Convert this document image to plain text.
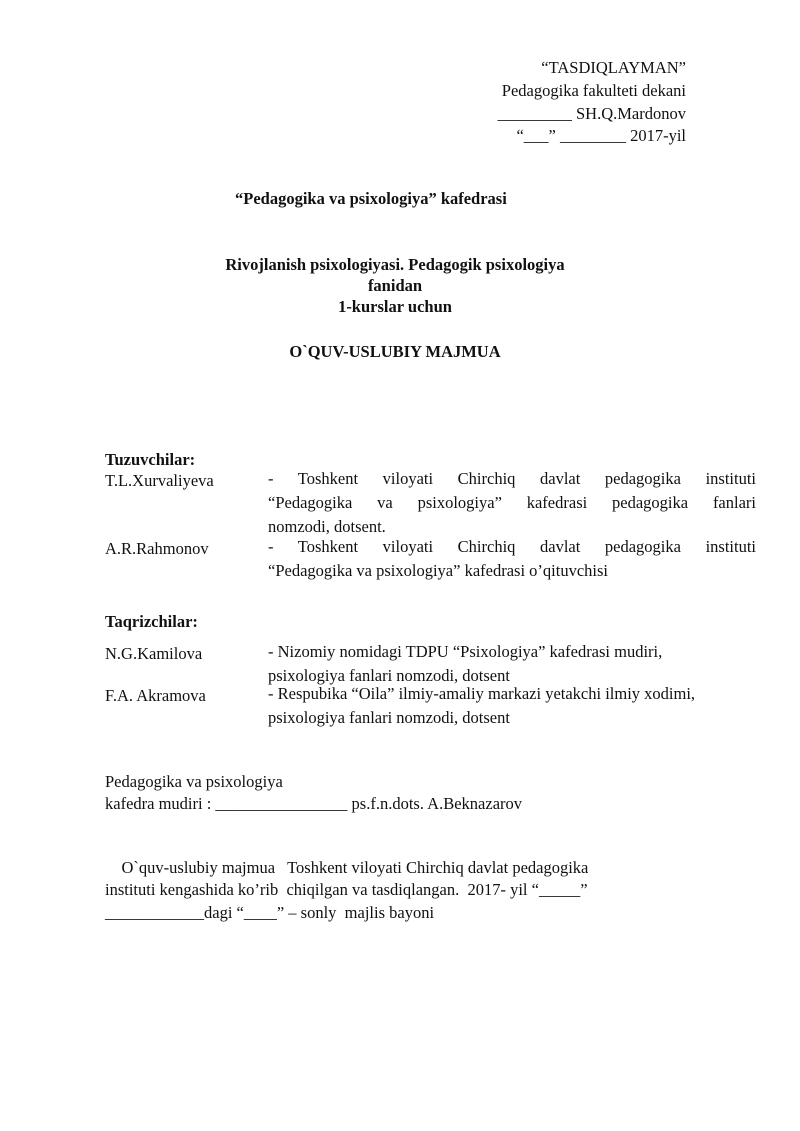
“TASDIQLAYMAN”
Pedagogika fakulteti dekani
_________ SH.Q.Mardonov
“___” ________ 2017-yil
“Pedagogika va psixologiya” kafedrasi
Rivojlanish psixologiyasi. Pedagogik psixologiya
fanidan
1-kurslar uchun
O`QUV-USLUBIY MAJMUA
Tuzuvchilar:
T.L.Xurvaliyeva	- Toshkent viloyati Chirchiq davlat pedagogika instituti
“Pedagogika va psixologiya” kafedrasi pedagogika fanlari
nomzodi, dotsent.
A.R.Rahmonov	- Toshkent viloyati Chirchiq davlat pedagogika instituti
“Pedagogika va psixologiya” kafedrasi o’qituvchisi
Taqrizchilar:
N.G.Kamilova	- Nizomiy nomidagi TDPU “Psixologiya” kafedrasi mudiri,
psixologiya fanlari nomzodi, dotsent
F.A. Akramova	- Respubika “Oila” ilmiy-amaliy markazi yetakchi ilmiy xodimi,
psixologiya fanlari nomzodi, dotsent
Pedagogika va psixologiya
kafedra mudiri : ________________ ps.f.n.dots. A.Beknazarov
O`quv-uslubiy majmua   Toshkent viloyati Chirchiq davlat pedagogika
instituti kengashida ko’rib  chiqilgan va tasdiqlangan.  2017- yil “_____”
____________dagi “____” – sonly  majlis bayoni
